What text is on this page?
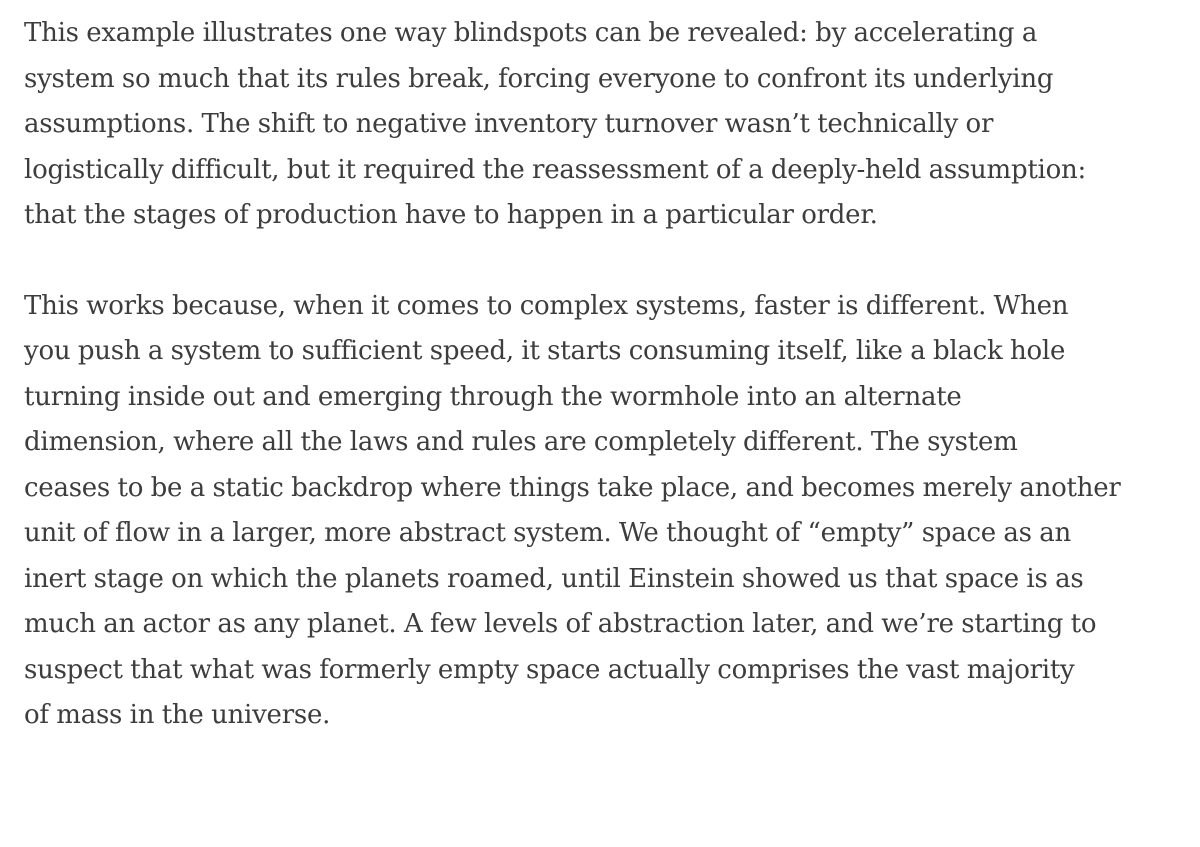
This example illustrates one way blindspots can be revealed: by accelerating a
system so much that its rules break, forcing everyone to confront its underlying
assumptions. The shift to negative inventory turnover wasn’t technically or
logistically difficult, but it required the reassessment of a deeply-held assumption:
that the stages of production have to happen in a particular order.

This works because, when it comes to complex systems, faster is different. When
you push a system to sufficient speed, it starts consuming itself, like a black hole
turning inside out and emerging through the wormhole into an alternate
dimension, where all the laws and rules are completely different. The system
ceases to be a static backdrop where things take place, and becomes merely another
unit of flow in a larger, more abstract system. We thought of “empty” space as an
inert stage on which the planets roamed, until Einstein showed us that space is as
much an actor as any planet. A few levels of abstraction later, and we’re starting to
suspect that what was formerly empty space actually comprises the vast majority
of mass in the universe.
